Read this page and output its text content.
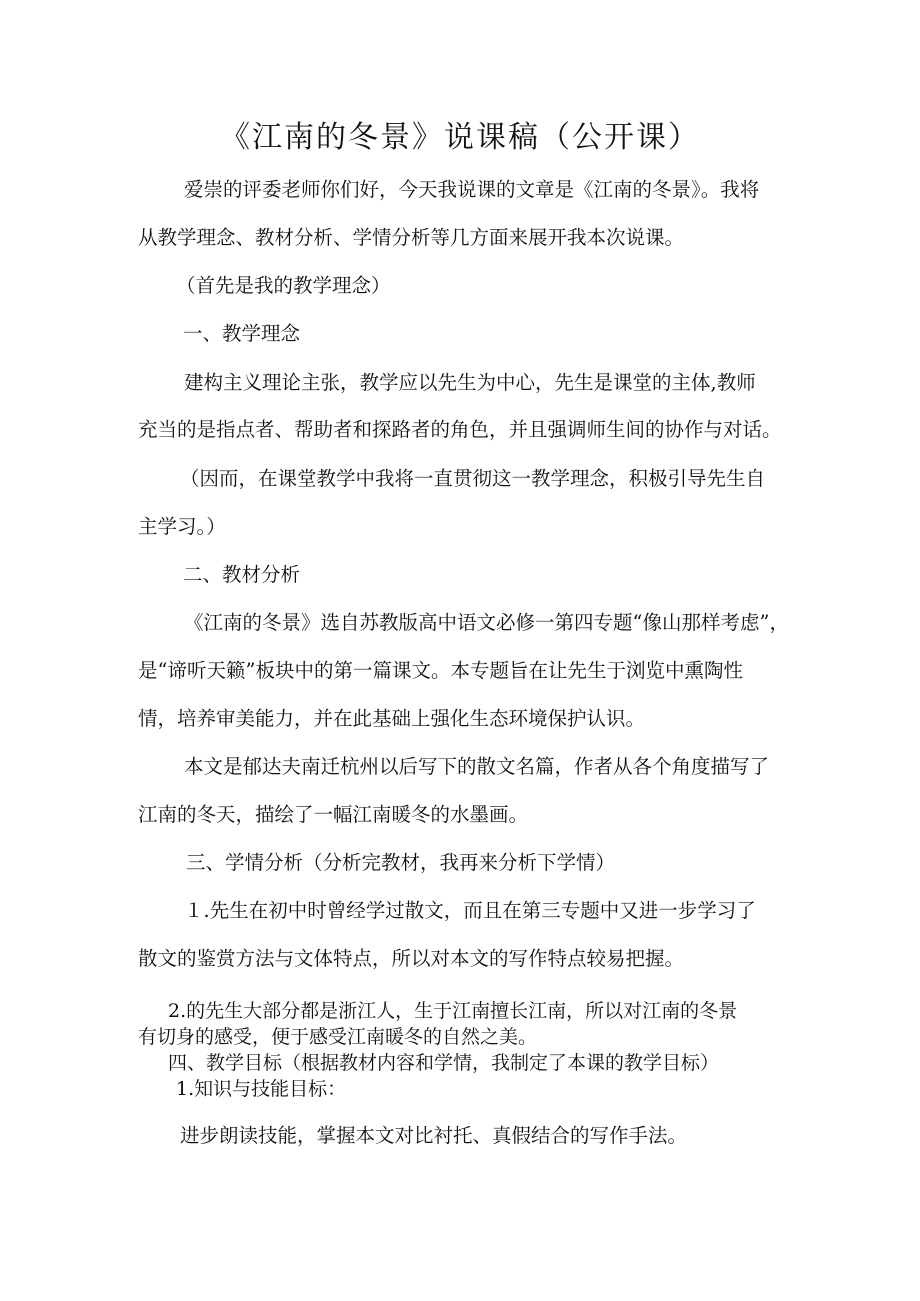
《江南的冬景》说课稿（公开课）
爱崇的评委老师你们好，今天我说课的文章是《江南的冬景》。我将
从教学理念、教材分析、学情分析等几方面来展开我本次说课。
（首先是我的教学理念）
一、教学理念
建构主义理论主张，教学应以先生为中心，先生是课堂的主体,教师
充当的是指点者、帮助者和探路者的角色，并且强调师生间的协作与对话。
（因而，在课堂教学中我将一直贯彻这一教学理念，积极引导先生自
主学习。）
二、教材分析
《江南的冬景》选自苏教版高中语文必修一第四专题“像山那样考虑”，
是“谛听天籁”板块中的第一篇课文。本专题旨在让先生于浏览中熏陶性
情，培养审美能力，并在此基础上强化生态环境保护认识。
本文是郁达夫南迁杭州以后写下的散文名篇，作者从各个角度描写了
江南的冬天，描绘了一幅江南暖冬的水墨画。
三、学情分析（分析完教材，我再来分析下学情）
１.先生在初中时曾经学过散文，而且在第三专题中又进一步学习了
散文的鉴赏方法与文体特点，所以对本文的写作特点较易把握。
2.的先生大部分都是浙江人，生于江南擅长江南，所以对江南的冬景
有切身的感受，便于感受江南暖冬的自然之美。
四、教学目标（根据教材内容和学情，我制定了本课的教学目标）
1.知识与技能目标：
进步朗读技能，掌握本文对比衬托、真假结合的写作手法。
